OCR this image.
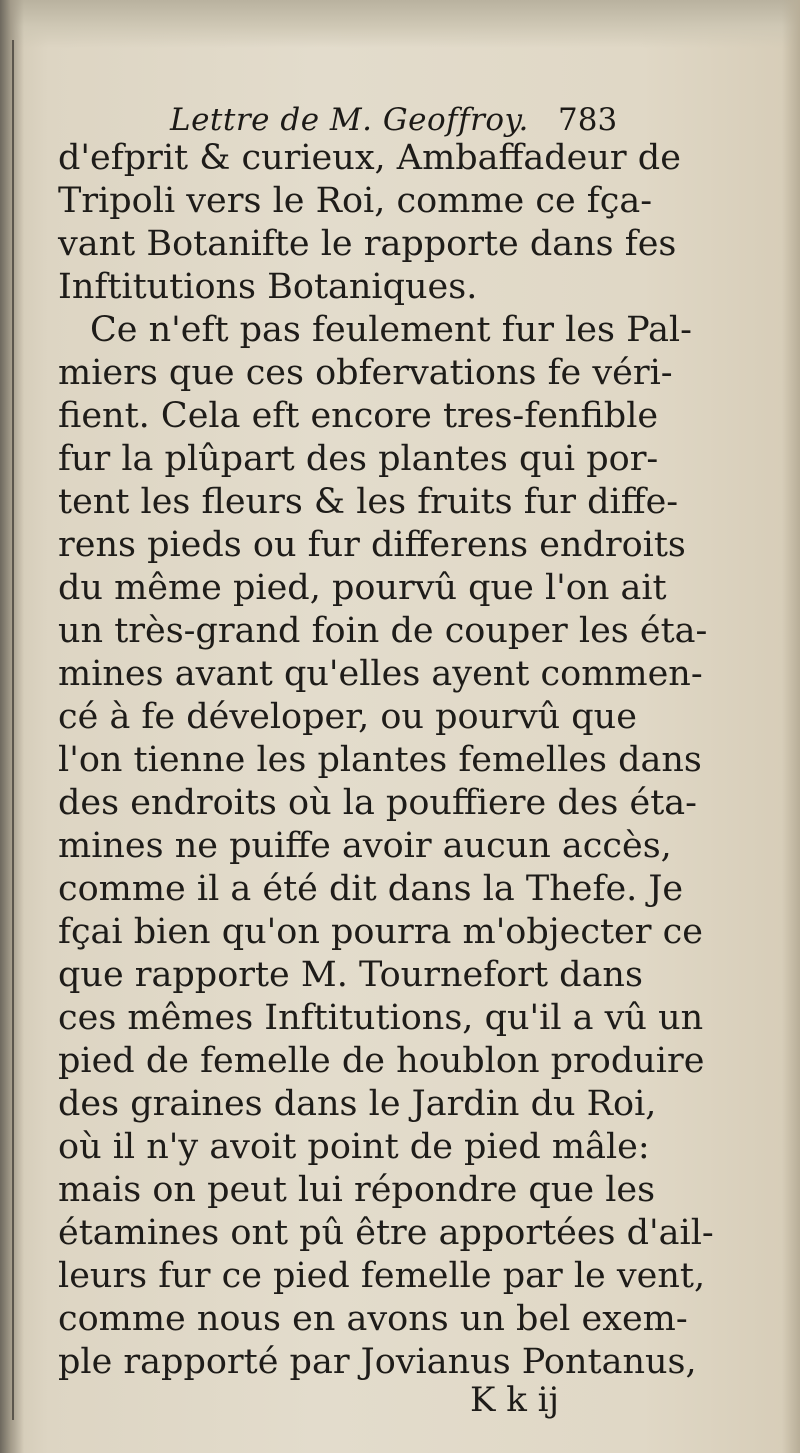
Lettre de M. Geoffroy. 783
d'efprit & curieux, Ambaffadeur de
Tripoli vers le Roi, comme ce fça-
vant Botanifte le rapporte dans fes
Inftitutions Botaniques.
Ce n'eft pas feulement fur les Pal-
miers que ces obfervations fe véri-
fient. Cela eft encore tres-fenfible
fur la plûpart des plantes qui por-
tent les fleurs & les fruits fur diffe-
rens pieds ou fur differens endroits
du même pied, pourvû que l'on ait
un très-grand foin de couper les éta-
mines avant qu'elles ayent commen-
cé à fe déveloper, ou pourvû que
l'on tienne les plantes femelles dans
des endroits où la pouffiere des éta-
mines ne puiffe avoir aucun accès,
comme il a été dit dans la Thefe. Je
fçai bien qu'on pourra m'objecter ce
que rapporte M. Tournefort dans
ces mêmes Inftitutions, qu'il a vû un
pied de femelle de houblon produire
des graines dans le Jardin du Roi,
où il n'y avoit point de pied mâle:
mais on peut lui répondre que les
étamines ont pû être apportées d'ail-
leurs fur ce pied femelle par le vent,
comme nous en avons un bel exem-
ple rapporté par Jovianus Pontanus,
K k ij
